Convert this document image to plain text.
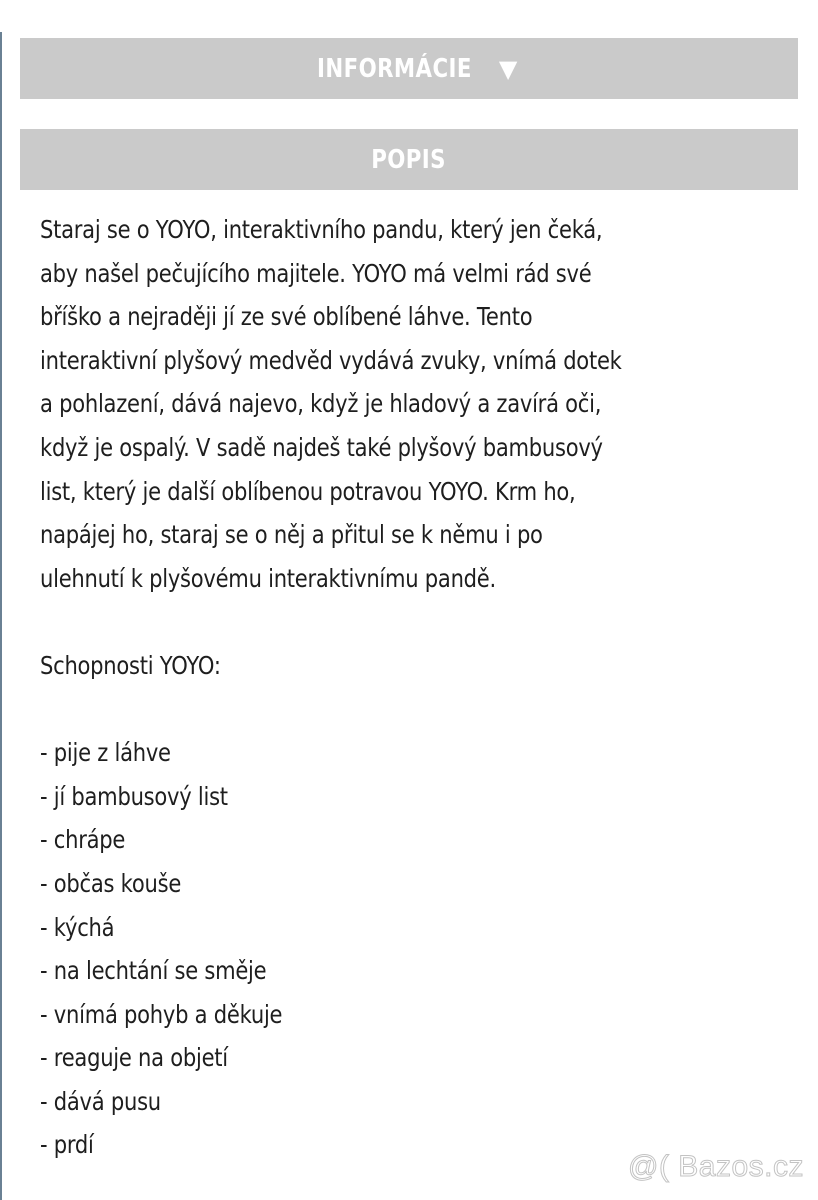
INFORMÁCIE ▼
POPIS

Staraj se o YOYO, interaktivního pandu, který jen čeká,

aby našel pečujícího majitele. YOYO má velmi rád své

bříško a nejraději jí ze své oblíbené láhve. Tento

interaktivní plyšový medvěd vydává zvuky, vnímá dotek

a pohlazení, dává najevo, když je hladový a zavírá oči,

když je ospalý. V sadě najdeš také plyšový bambusový

list, který je další oblíbenou potravou YOYO. Krm ho,

napájej ho, staraj se o něj a přitul se k němu i po

ulehnutí k plyšovému interaktivnímu pandě.

Schopnosti YOYO:

- pije z láhve
- jí bambusový list
- chrápe
- občas kouše
- kýchá
- na lechtání se směje
- vnímá pohyb a děkuje
- reaguje na objetí
- dává pusu
- prdí
@( Bazos.cz
